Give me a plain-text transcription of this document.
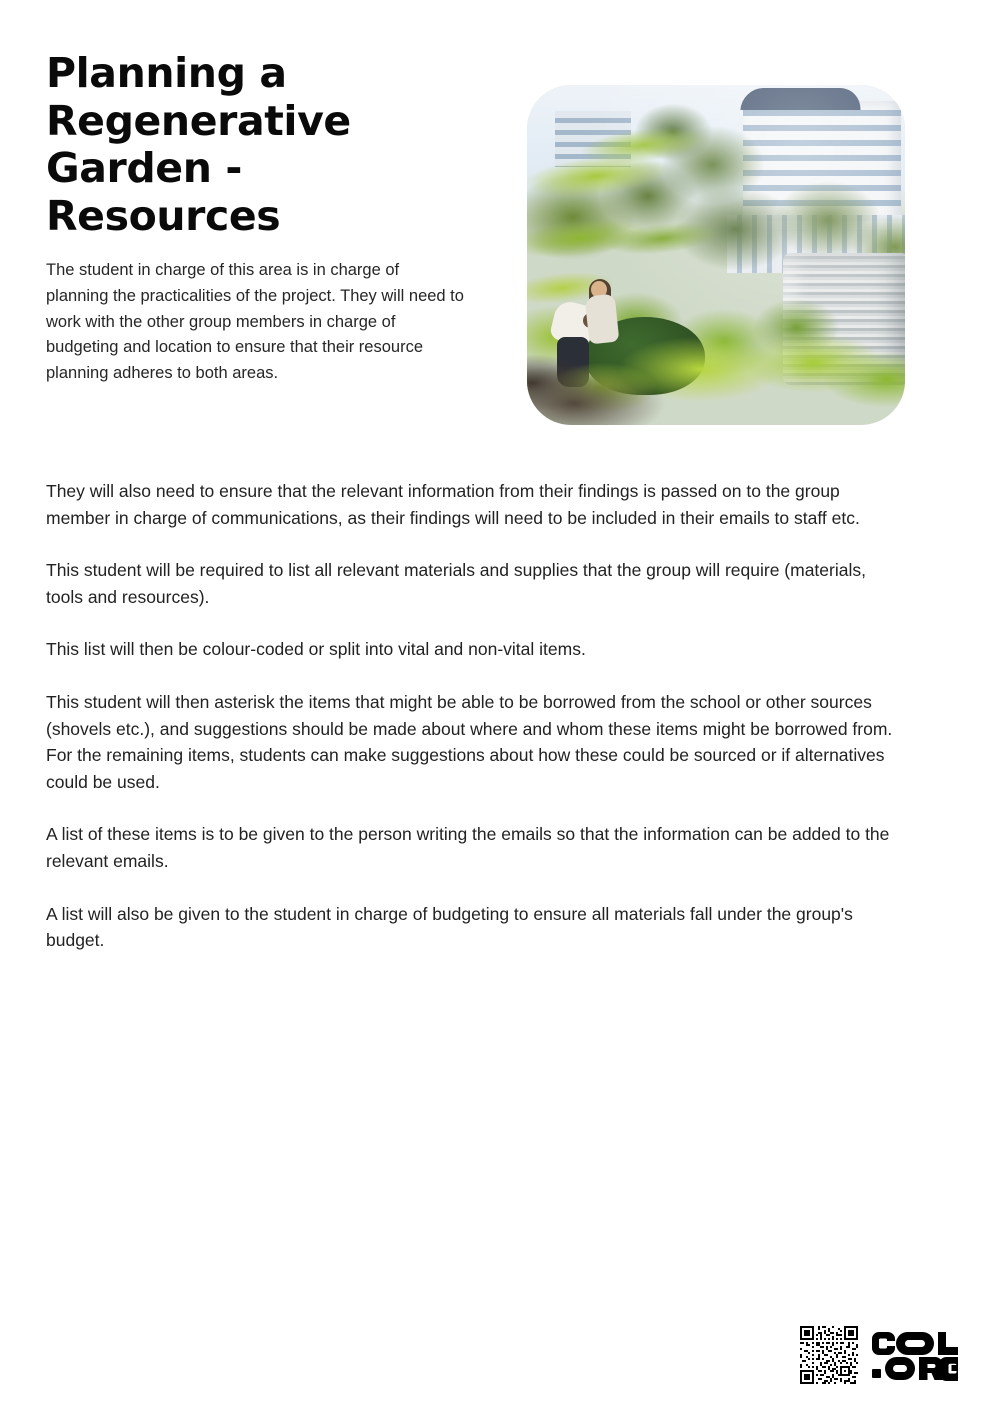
Planning a Regenerative Garden - Resources

The student in charge of this area is in charge of planning the practicalities of the project. They will need to work with the other group members in charge of budgeting and location to ensure that their resource planning adheres to both areas.

They will also need to ensure that the relevant information from their findings is passed on to the group member in charge of communications, as their findings will need to be included in their emails to staff etc.

This student will be required to list all relevant materials and supplies that the group will require (materials, tools and resources).

This list will then be colour-coded or split into vital and non-vital items.

This student will then asterisk the items that might be able to be borrowed from the school or other sources (shovels etc.), and suggestions should be made about where and whom these items might be borrowed from. For the remaining items, students can make suggestions about how these could be sourced or if alternatives could be used.

A list of these items is to be given to the person writing the emails so that the information can be added to the relevant emails.

A list will also be given to the student in charge of budgeting to ensure all materials fall under the group's budget.
